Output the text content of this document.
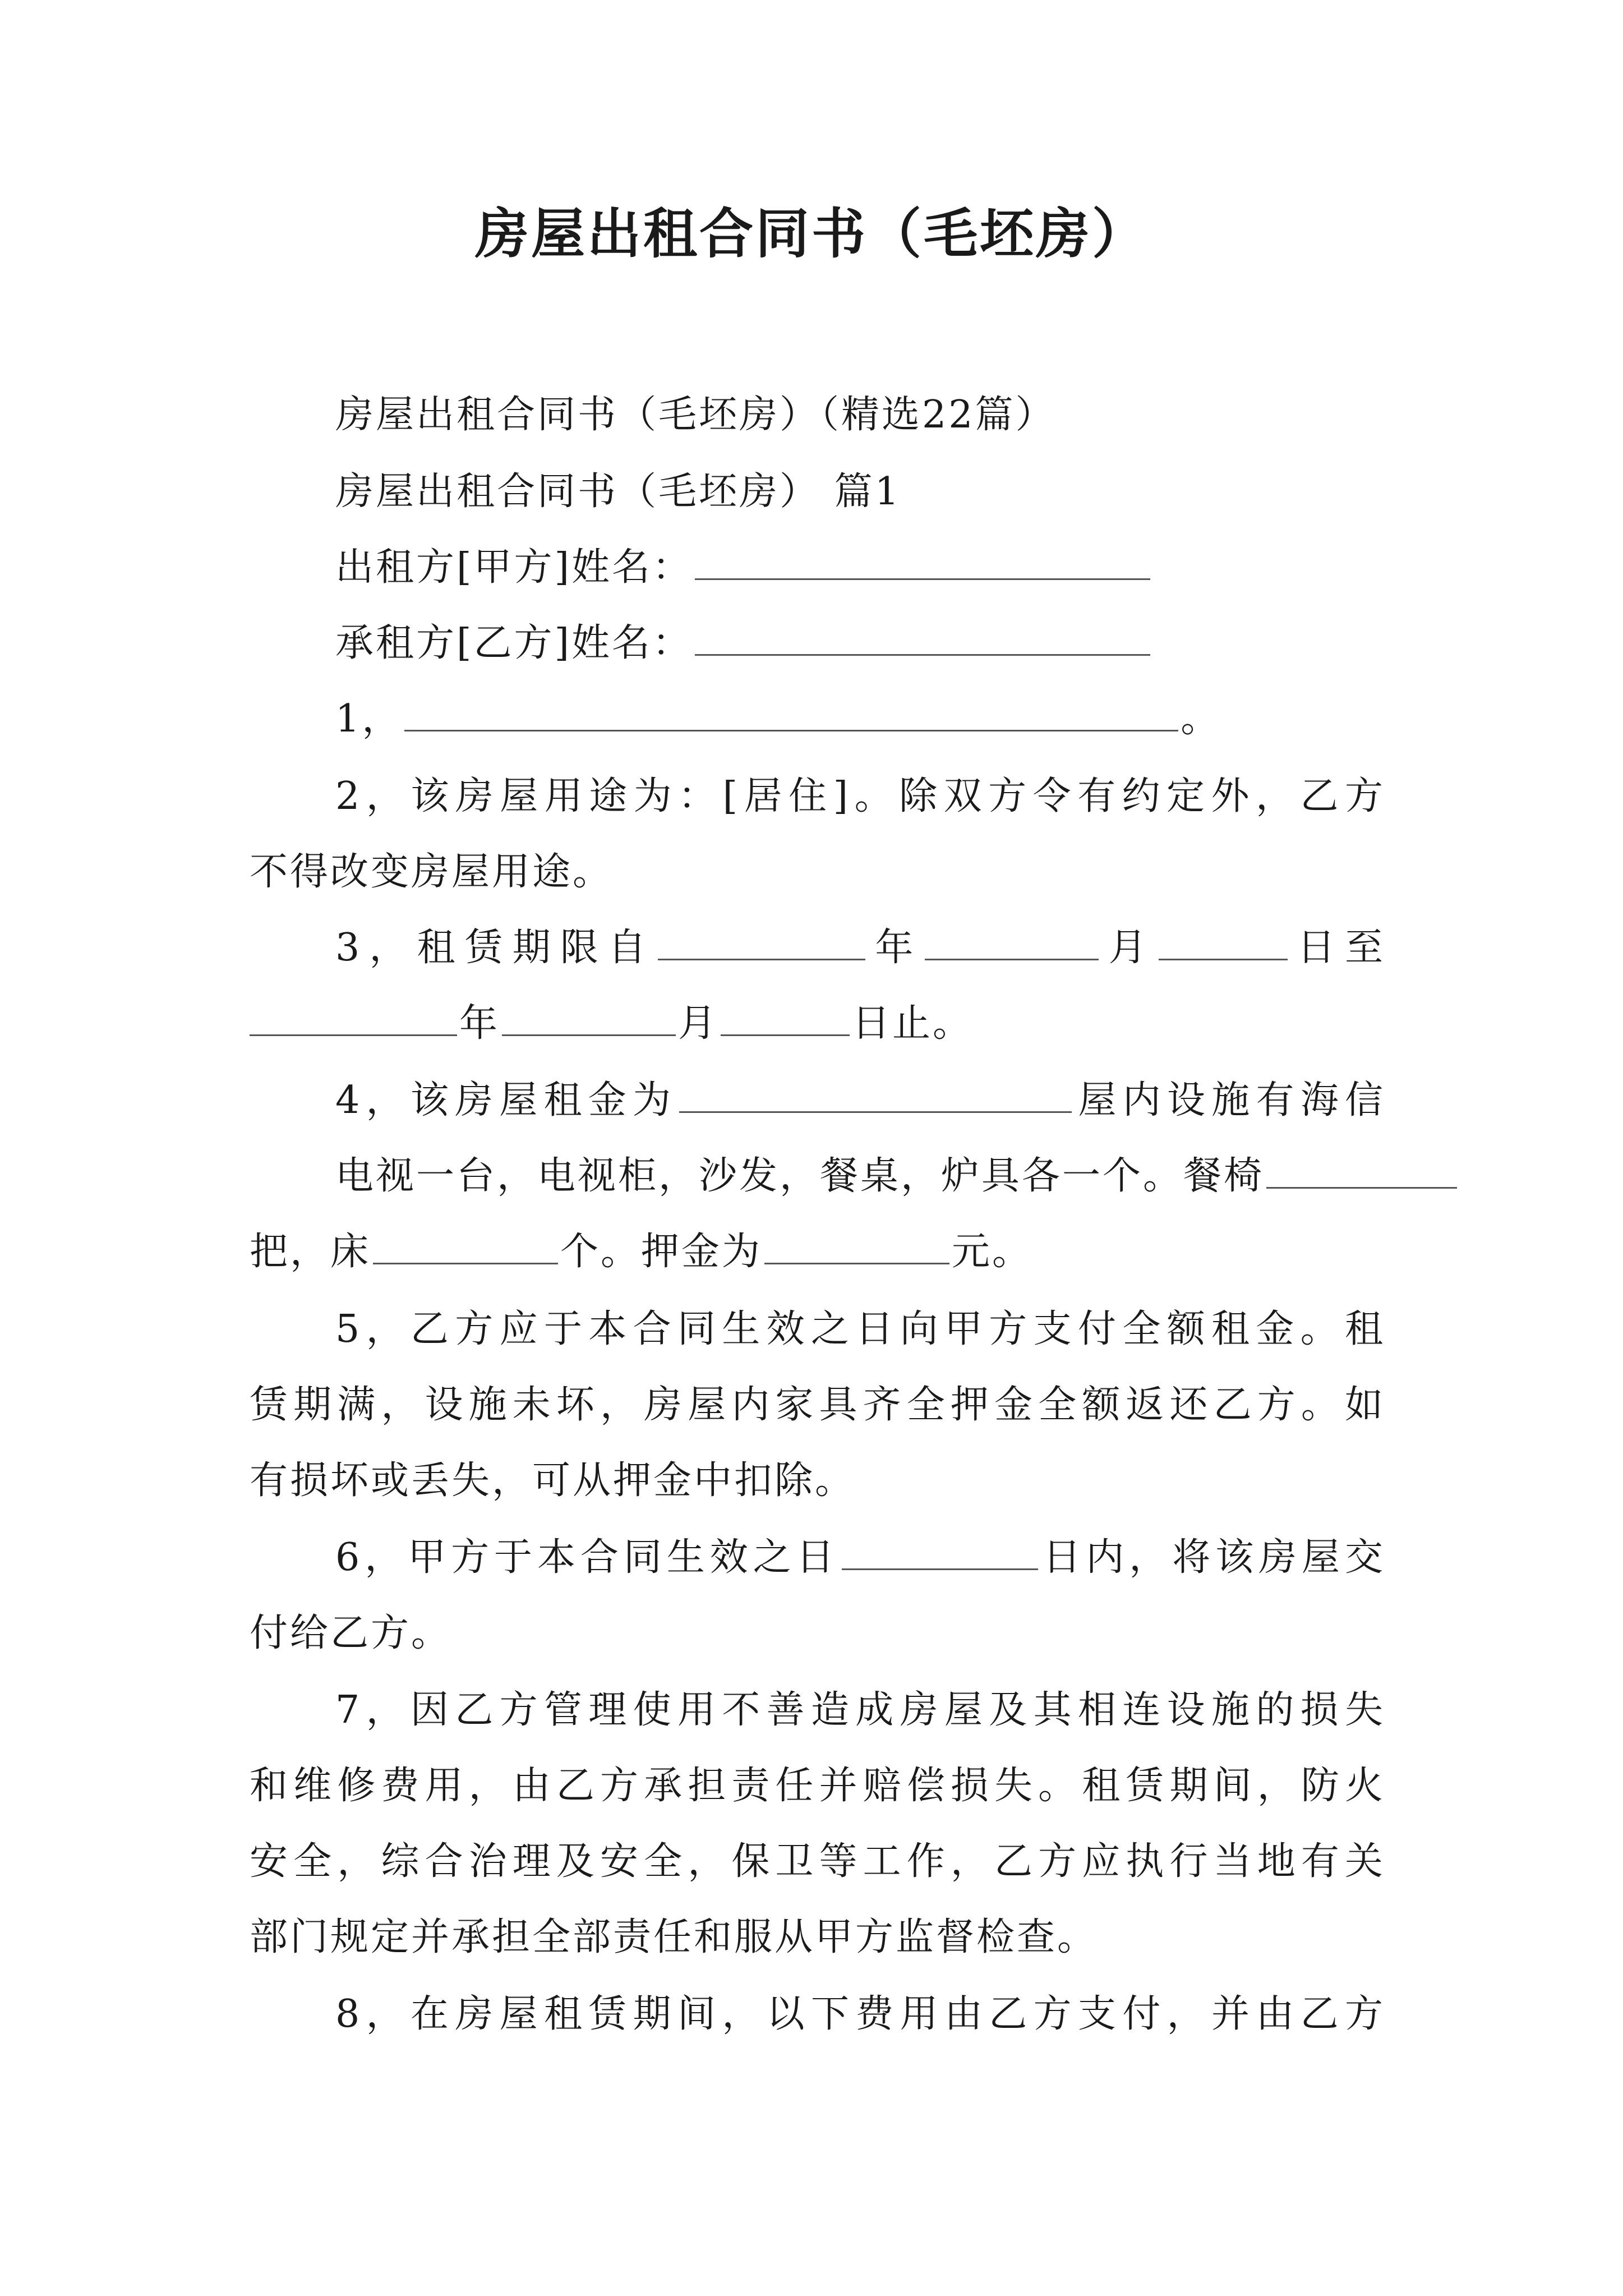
房屋出租合同书（毛坯房）
房屋出租合同书（毛坯房）（精选22篇）
房屋出租合同书（毛坯房） 篇1
出租方[甲方]姓名：
承租方[乙方]姓名：
1，	。
2，该房屋用途为：[居住]。除双方令有约定外，乙方
不得改变房屋用途。
3，租赁期限自	年	月	日至
年	月	日止。
4，该房屋租金为	屋内设施有海信
电视一台，电视柜，沙发，餐桌，炉具各一个。餐椅
把，床	个。押金为	元。
5，乙方应于本合同生效之日向甲方支付全额租金。租
赁期满，设施未坏，房屋内家具齐全押金全额返还乙方。如
有损坏或丢失，可从押金中扣除。
6，甲方于本合同生效之日	日内，将该房屋交
付给乙方。
7，因乙方管理使用不善造成房屋及其相连设施的损失
和维修费用，由乙方承担责任并赔偿损失。租赁期间，防火
安全，综合治理及安全，保卫等工作，乙方应执行当地有关
部门规定并承担全部责任和服从甲方监督检查。
8，在房屋租赁期间，以下费用由乙方支付，并由乙方
